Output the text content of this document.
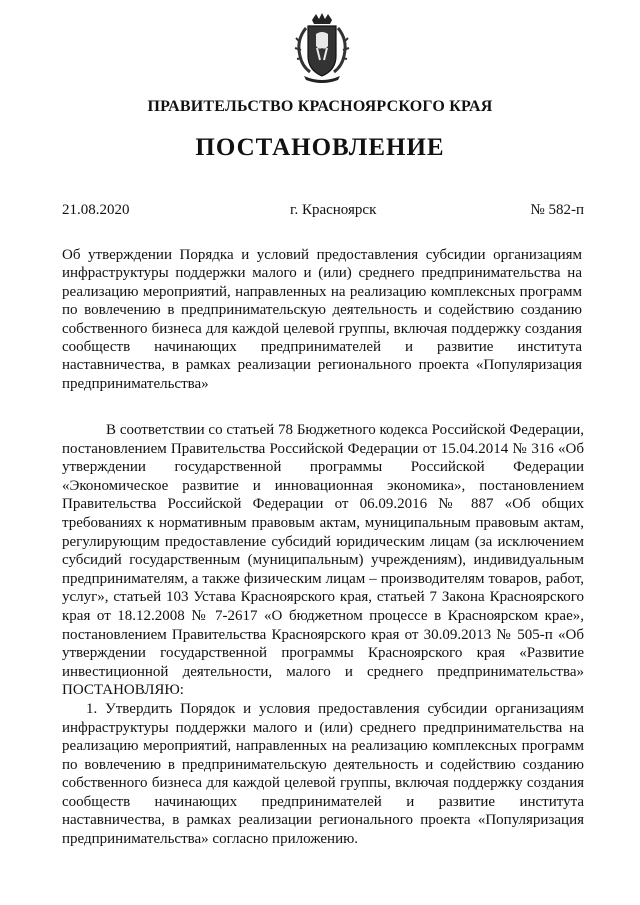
ПРАВИТЕЛЬСТВО КРАСНОЯРСКОГО КРАЯ
ПОСТАНОВЛЕНИЕ
21.08.2020	г. Красноярск	№ 582-п
Об утверждении Порядка и условий предоставления субсидии организациям инфраструктуры поддержки малого и (или) среднего предпринимательства на реализацию мероприятий, направленных на реализацию комплексных программ по вовлечению в предпринимательскую деятельность и содействию созданию собственного бизнеса для каждой целевой группы, включая поддержку создания сообществ начинающих предпринимателей и развитие института наставничества, в рамках реализации регионального проекта «Популяризация предпринимательства»

В соответствии со статьей 78 Бюджетного кодекса Российской Федерации, постановлением Правительства Российской Федерации от 15.04.2014 № 316 «Об утверждении государственной программы Российской Федерации «Экономическое развитие и инновационная экономика», постановлением Правительства Российской Федерации от 06.09.2016 № 887 «Об общих требованиях к нормативным правовым актам, муниципальным правовым актам, регулирующим предоставление субсидий юридическим лицам (за исключением субсидий государственным (муниципальным) учреждениям), индивидуальным предпринимателям, а также физическим лицам – производителям товаров, работ, услуг», статьей 103 Устава Красноярского края, статьей 7 Закона Красноярского края от 18.12.2008 № 7-2617 «О бюджетном процессе в Красноярском крае», постановлением Правительства Красноярского края от 30.09.2013 № 505-п «Об утверждении государственной программы Красноярского края «Развитие инвестиционной деятельности, малого и среднего предпринимательства» ПОСТАНОВЛЯЮ:

1. Утвердить Порядок и условия предоставления субсидии организациям инфраструктуры поддержки малого и (или) среднего предпринимательства на реализацию мероприятий, направленных на реализацию комплексных программ по вовлечению в предпринимательскую деятельность и содействию созданию собственного бизнеса для каждой целевой группы, включая поддержку создания сообществ начинающих предпринимателей и развитие института наставничества, в рамках реализации регионального проекта «Популяризация предпринимательства» согласно приложению.
